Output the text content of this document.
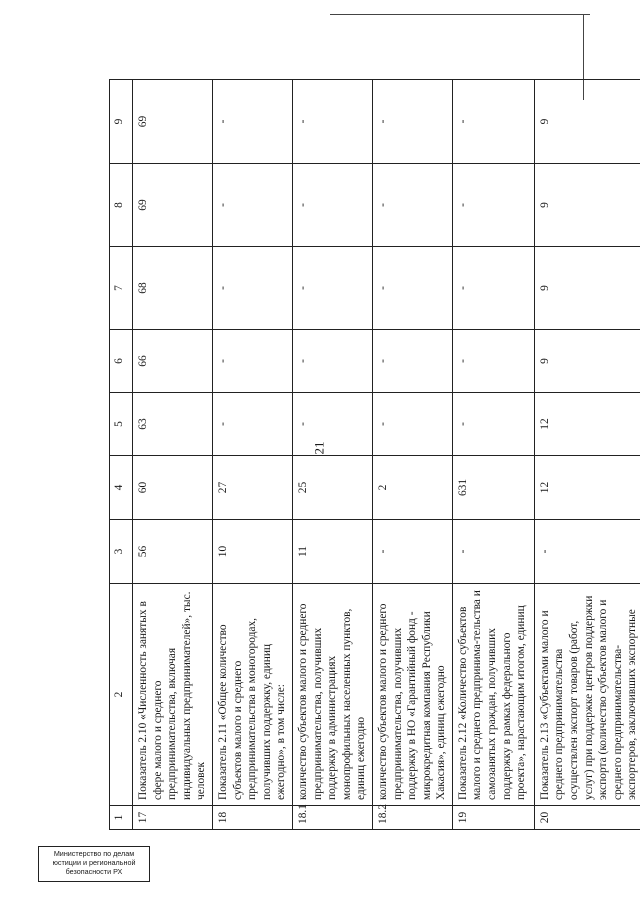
21
1	2	3	4	5	6	7	8	9
17	Показатель 2.10 «Численность занятых в сфере малого и среднего предпринимательства, включая индивидуальных предпринимателей», тыс. человек	56	60	63	66	68	69	69
18	Показатель 2.11 «Общее количество субъектов малого и среднего предпринимательства в моногородах, получивших поддержку, единиц ежегодно», в том числе:	10	27	-	-	-	-	-
18.1	количество субъектов малого и среднего предпринимательства, получивших поддержку в администрациях монопрофильных населенных пунктов, единиц ежегодно	11	25	-	-	-	-	-
18.2	количество субъектов малого и среднего предпринимательства, получивших поддержку в НО «Гарантийный фонд - микрокредитная компания Республики Хакасия», единиц ежегодно	-	2	-	-	-	-	-
19	Показатель 2.12 «Количество субъектов малого и среднего предпринима-тельства и самозанятых граждан, получивших поддержку в рамках федерального проекта», нарастающим итогом, единиц	-	631	-	-	-	-	-
20	Показатель 2.13 «Субъектами малого и среднего предпринимательства осуществлен экспорт товаров (работ, услуг) при поддержке центров поддержки экспорта (количество субъектов малого и среднего предпринимательства-экспортеров, заключивших экспортные	-	12	12	9	9	9	9
Министерство по делам
юстиции и региональной
безопасности РХ
